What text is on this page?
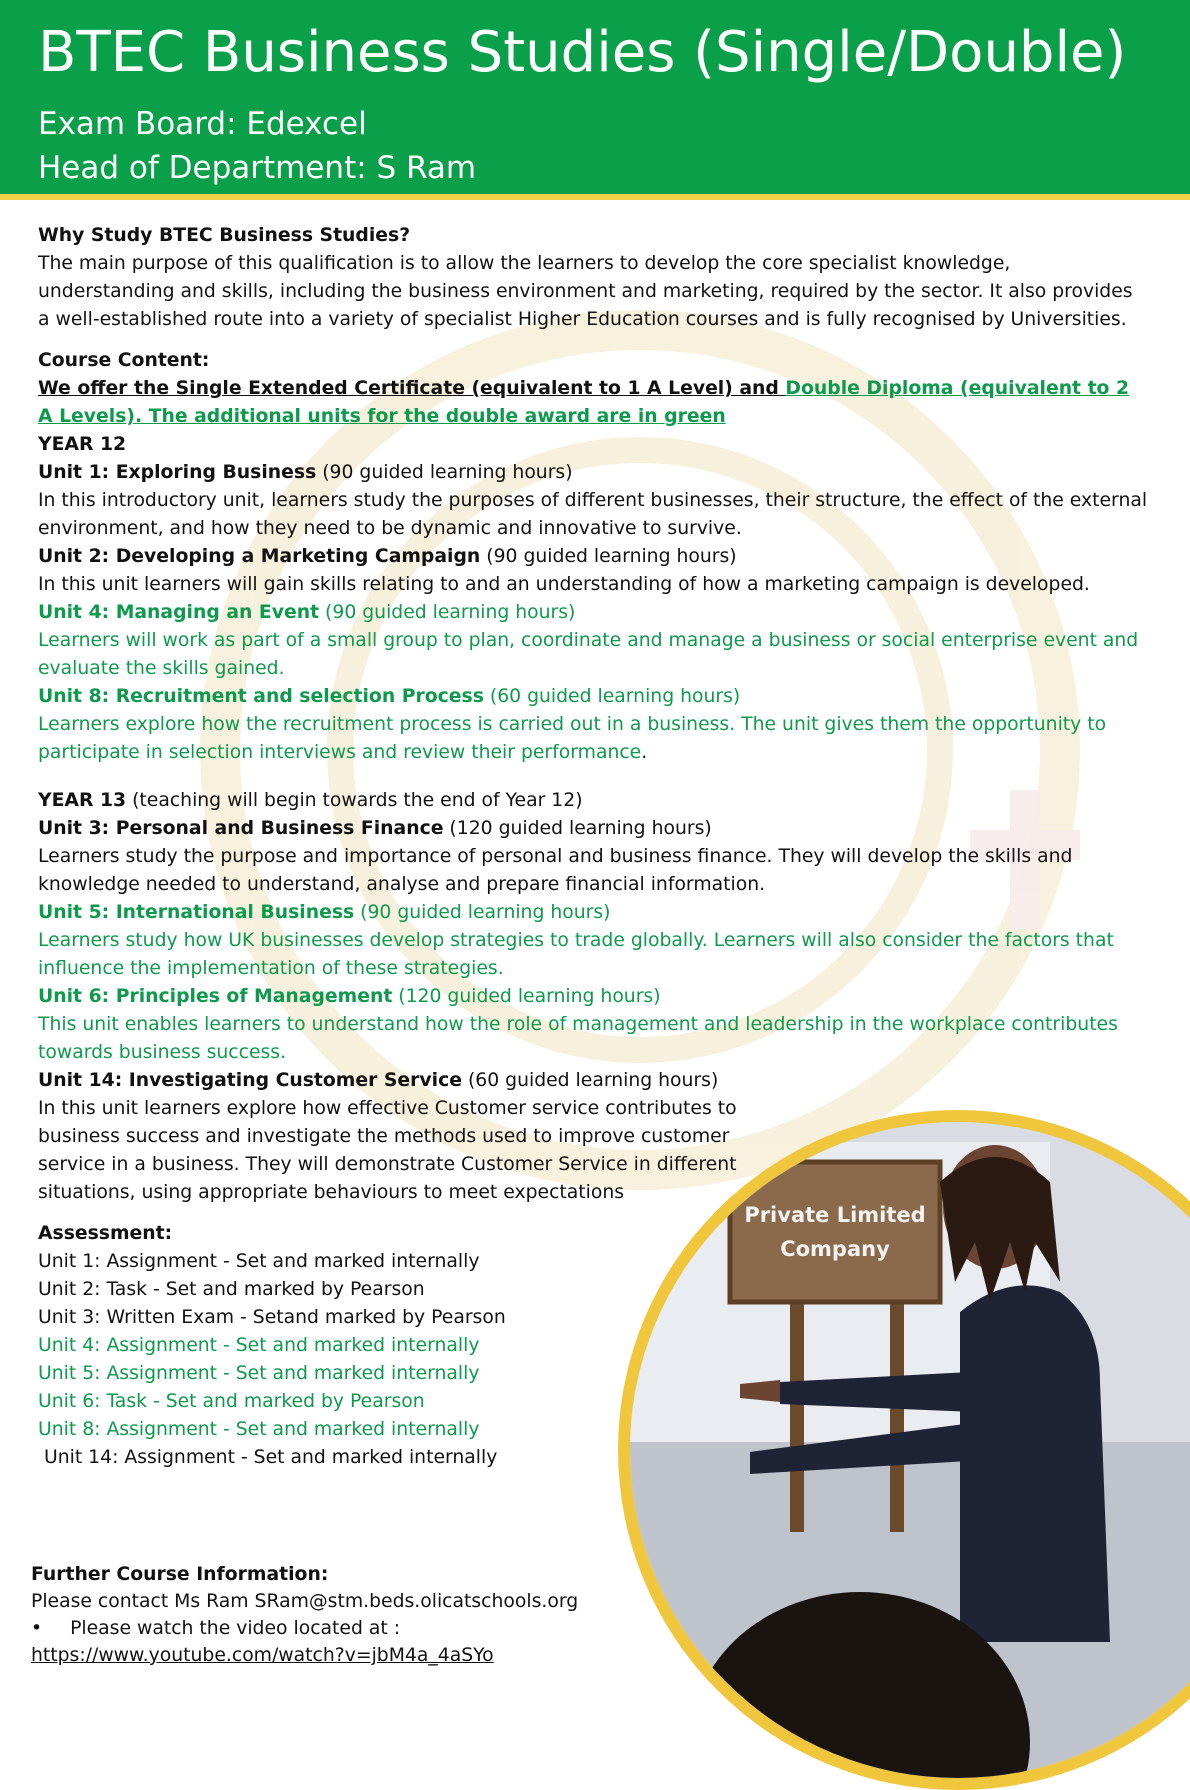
BTEC Business Studies (Single/Double)
Exam Board: Edexcel
Head of Department: S Ram

Why Study BTEC Business Studies?

The main purpose of this qualification is to allow the learners to develop the core specialist knowledge, understanding and skills, including the business environment and marketing, required by the sector. It also provides a well-established route into a variety of specialist Higher Education courses and is fully recognised by Universities.

Course Content:

We offer the Single Extended Certificate (equivalent to 1 A Level) and Double Diploma (equivalent to 2 A Levels). The additional units for the double award are in green

YEAR 12

Unit 1: Exploring Business (90 guided learning hours)

In this introductory unit, learners study the purposes of different businesses, their structure, the effect of the external environment, and how they need to be dynamic and innovative to survive.

Unit 2: Developing a Marketing Campaign (90 guided learning hours)

In this unit learners will gain skills relating to and an understanding of how a marketing campaign is developed.

Unit 4: Managing an Event (90 guided learning hours)

Learners will work as part of a small group to plan, coordinate and manage a business or social enterprise event and evaluate the skills gained.

Unit 8: Recruitment and selection Process (60 guided learning hours)

Learners explore how the recruitment process is carried out in a business. The unit gives them the opportunity to participate in selection interviews and review their performance.

YEAR 13 (teaching will begin towards the end of Year 12)

Unit 3: Personal and Business Finance (120 guided learning hours)

Learners study the purpose and importance of personal and business finance. They will develop the skills and knowledge needed to understand, analyse and prepare financial information.

Unit 5: International Business (90 guided learning hours)

Learners study how UK businesses develop strategies to trade globally. Learners will also consider the factors that influence the implementation of these strategies.

Unit 6: Principles of Management (120 guided learning hours)

This unit enables learners to understand how the role of management and leadership in the workplace contributes towards business success.

Unit 14: Investigating Customer Service (60 guided learning hours)

In this unit learners explore how effective Customer service contributes to business success and investigate the methods used to improve customer service in a business. They will demonstrate Customer Service in different situations, using appropriate behaviours to meet expectations

Assessment:

Unit 1: Assignment - Set and marked internally

Unit 2: Task - Set and marked by Pearson

Unit 3: Written Exam - Setand marked by Pearson

Unit 4: Assignment - Set and marked internally

Unit 5: Assignment - Set and marked internally

Unit 6: Task - Set and marked by Pearson

Unit 8: Assignment - Set and marked internally

Unit 14: Assignment - Set and marked internally

Private Limited
Company

Further Course Information:

Please contact Ms Ram SRam@stm.beds.olicatschools.org

• Please watch the video located at :

https://www.youtube.com/watch?v=jbM4a_4aSYo
